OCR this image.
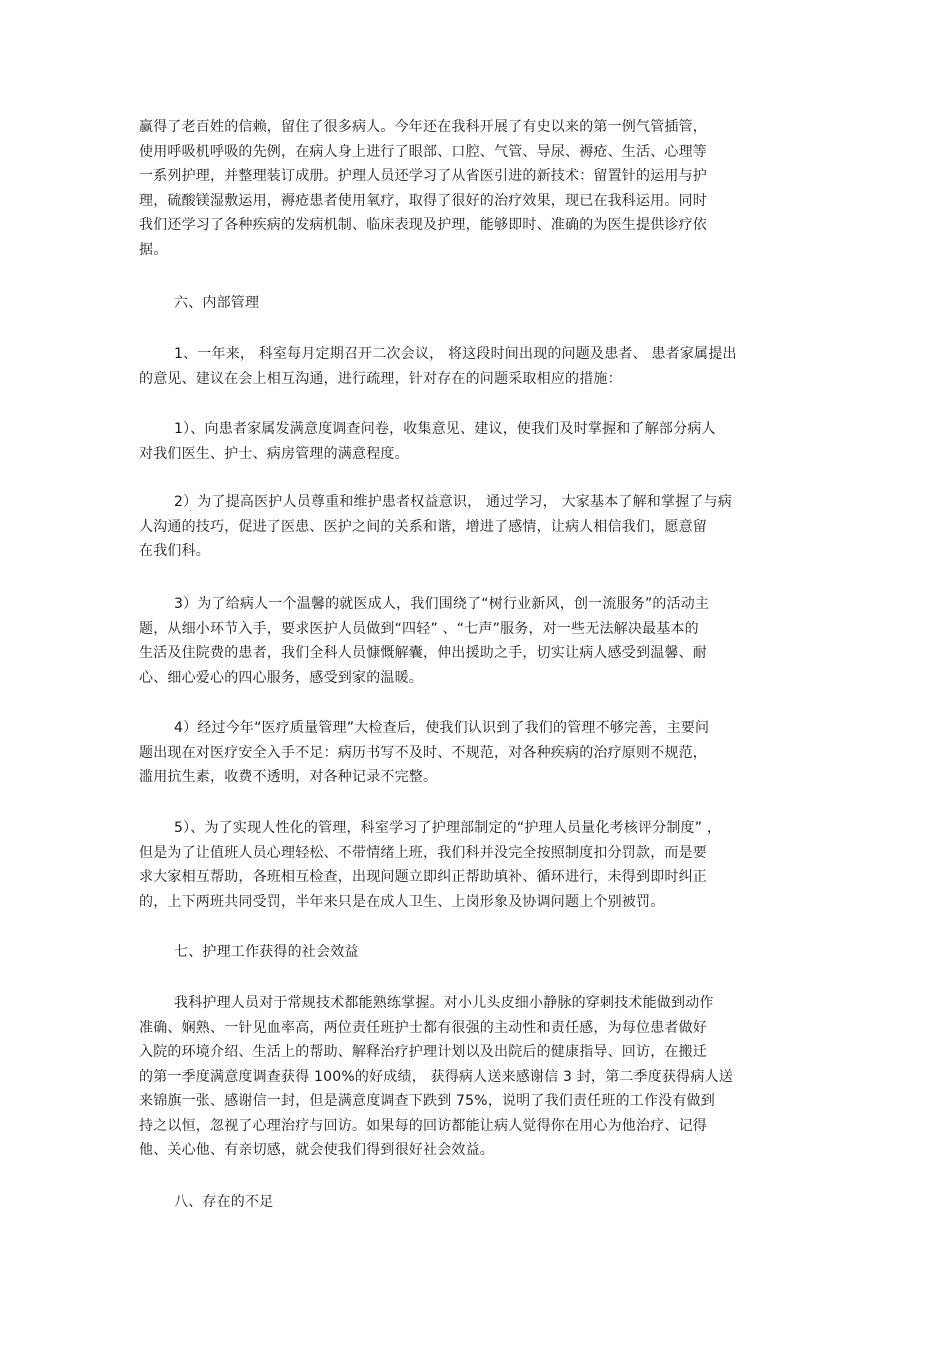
赢得了老百姓的信赖，留住了很多病人。今年还在我科开展了有史以来的第一例气管插管，
使用呼吸机呼吸的先例，在病人身上进行了眼部、口腔、气管、导尿、褥疮、生活、心理等
一系列护理，并整理装订成册。护理人员还学习了从省医引进的新技术：留置针的运用与护
理，硫酸镁湿敷运用，褥疮患者使用氧疗，取得了很好的治疗效果，现已在我科运用。同时
我们还学习了各种疾病的发病机制、临床表现及护理，能够即时、准确的为医生提供诊疗依
据。
六、内部管理
1、一年来， 科室每月定期召开二次会议， 将这段时间出现的问题及患者、 患者家属提出
的意见、建议在会上相互沟通，进行疏理，针对存在的问题采取相应的措施：
1）、向患者家属发满意度调查问卷，收集意见、建议，使我们及时掌握和了解部分病人
对我们医生、护士、病房管理的满意程度。
2）为了提高医护人员尊重和维护患者权益意识， 通过学习， 大家基本了解和掌握了与病
人沟通的技巧，促进了医患、医护之间的关系和谐，增进了感情，让病人相信我们，愿意留
在我们科。
3）为了给病人一个温馨的就医成人，我们围绕了“树行业新风，创一流服务”的活动主
题，从细小环节入手，要求医护人员做到“四轻” 、“七声”服务，对一些无法解决最基本的
生活及住院费的患者，我们全科人员慷慨解囊，伸出援助之手，切实让病人感受到温馨、耐
心、细心爱心的四心服务，感受到家的温暖。
4）经过今年“医疗质量管理”大检查后，使我们认识到了我们的管理不够完善，主要问
题出现在对医疗安全入手不足：病历书写不及时、不规范，对各种疾病的治疗原则不规范，
滥用抗生素，收费不透明，对各种记录不完整。
5）、为了实现人性化的管理，科室学习了护理部制定的“护理人员量化考核评分制度” ，
但是为了让值班人员心理轻松、不带情绪上班，我们科并没完全按照制度扣分罚款，而是要
求大家相互帮助，各班相互检查，出现问题立即纠正帮助填补、循环进行，未得到即时纠正
的，上下两班共同受罚，半年来只是在成人卫生、上岗形象及协调问题上个别被罚。
七、护理工作获得的社会效益
我科护理人员对于常规技术都能熟练掌握。对小儿头皮细小静脉的穿刺技术能做到动作
准确、娴熟、一针见血率高，两位责任班护士都有很强的主动性和责任感，为每位患者做好
入院的环境介绍、生活上的帮助、解释治疗护理计划以及出院后的健康指导、回访，在搬迁
的第一季度满意度调查获得 100%的好成绩， 获得病人送来感谢信 3 封，第二季度获得病人送
来锦旗一张、感谢信一封，但是满意度调查下跌到 75%，说明了我们责任班的工作没有做到
持之以恒，忽视了心理治疗与回访。如果每的回访都能让病人觉得你在用心为他治疗、记得
他、关心他、有亲切感，就会使我们得到很好社会效益。
八、存在的不足
